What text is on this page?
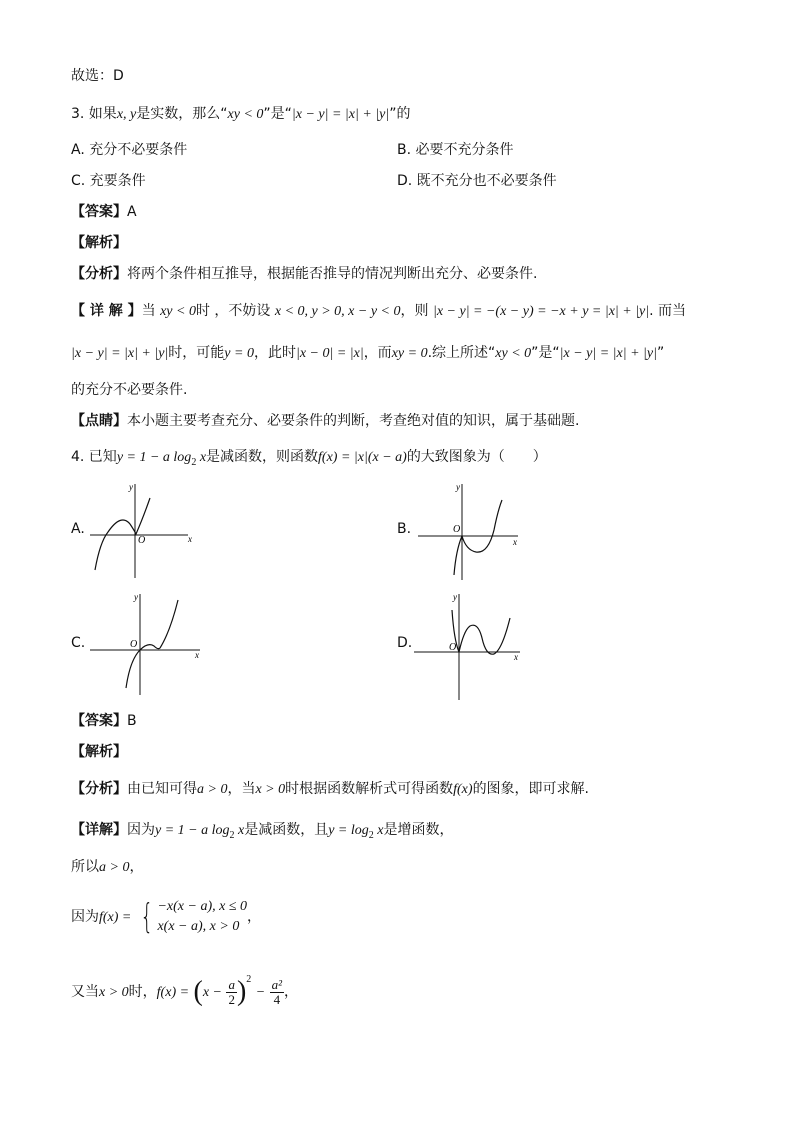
故选：D
3. 如果x, y是实数，那么“xy < 0”是“|x − y| = |x| + |y|”的
A. 充分不必要条件	B. 必要不充分条件
C. 充要条件	D. 既不充分也不必要条件
【答案】A
【解析】
【分析】将两个条件相互推导，根据能否推导的情况判断出充分、必要条件.
【 详 解 】当 xy < 0时 ，不妨设 x < 0, y > 0, x − y < 0，则 |x − y| = −(x − y) = −x + y = |x| + |y|. 而当
|x − y| = |x| + |y|时，可能y = 0，此时|x − 0| = |x|，而xy = 0.综上所述“xy < 0”是“|x − y| = |x| + |y|”
的充分不必要条件.
【点睛】本小题主要考查充分、必要条件的判断，考查绝对值的知识，属于基础题.
4. 已知y = 1 − a $\log_2 x$是减函数，则函数f(x) = |x|(x − a)的大致图象为（　　）
A.
y
x
O
B.
y
x
O
C.
y
x
O	D.
y
x
O
【答案】B
【解析】
【分析】由已知可得a > 0，当x > 0时根据函数解析式可得函数f(x)的图象，即可求解.
【详解】因为y = 1 − a $\log_2 x$是减函数，且$y = \log_2 x$是增函数，
所以a > 0，
因为f(x) = { −x(x − a), x ≤ 0
x(x − a), x > 0
，
又当x > 0时，$f(x) = (x - \frac{a}{2} )^2 - \frac{\text{a²}}{4}$ ，
